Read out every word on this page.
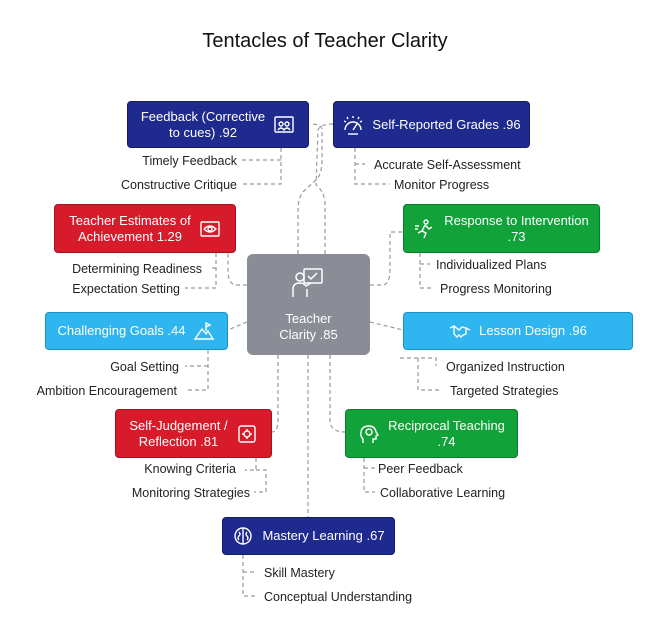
Tentacles of Teacher Clarity
Teacher
Clarity .85
Feedback (Corrective
to cues) .92
Timely Feedback
Constructive Critique
Self-Reported Grades .96
Accurate Self-Assessment
Monitor Progress
Teacher Estimates of
Achievement 1.29
Determining Readiness
Expectation Setting
Response to Intervention
.73
Individualized Plans
Progress Monitoring
Challenging Goals .44
Goal Setting
Ambition Encouragement
Lesson Design .96
Organized Instruction
Targeted Strategies
Self-Judgement /
Reflection .81
Knowing Criteria
Monitoring Strategies
Reciprocal Teaching
.74
Peer Feedback
Collaborative Learning
Mastery Learning .67
Skill Mastery
Conceptual Understanding
